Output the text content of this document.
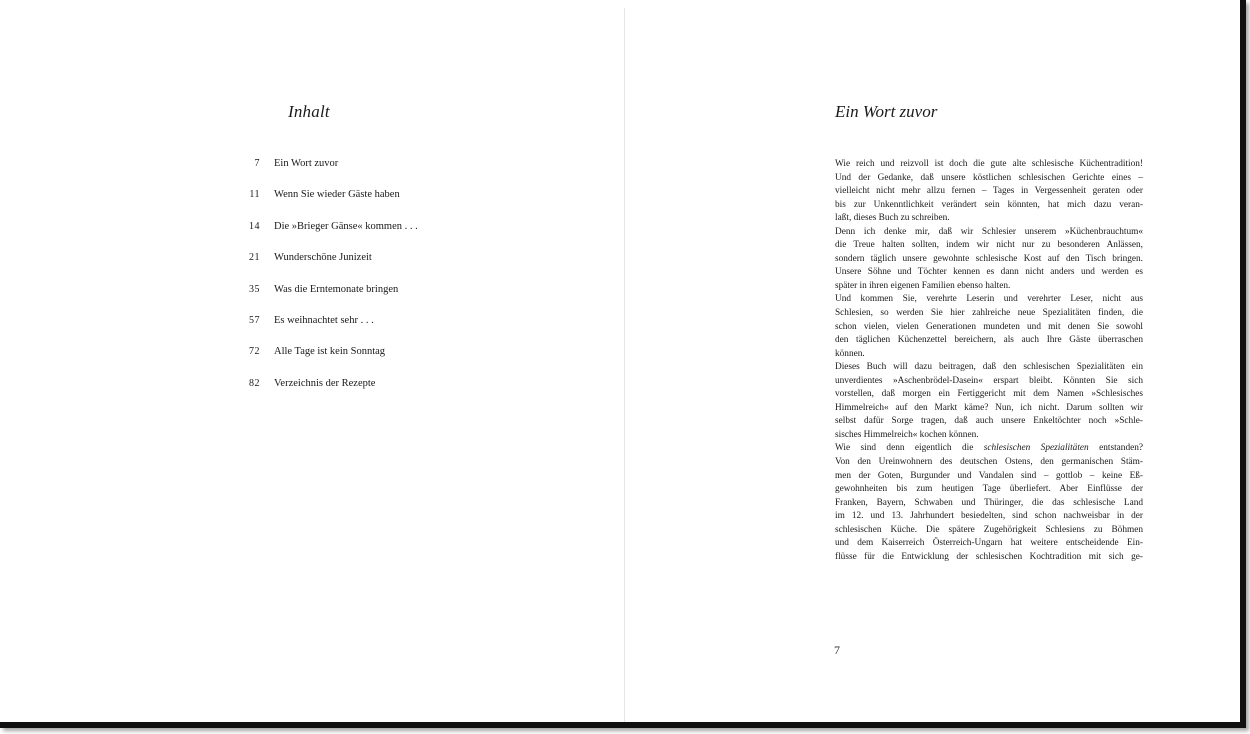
Inhalt
7	Ein Wort zuvor
11	Wenn Sie wieder Gäste haben
14	Die »Brieger Gänse« kommen . . .
21	Wunderschöne Junizeit
35	Was die Erntemonate bringen
57	Es weihnachtet sehr . . .
72	Alle Tage ist kein Sonntag
82	Verzeichnis der Rezepte
Ein Wort zuvor

Wie reich und reizvoll ist doch die gute alte schlesische Küchentradition!

Und der Gedanke, daß unsere köstlichen schlesischen Gerichte eines –

vielleicht nicht mehr allzu fernen – Tages in Vergessenheit geraten oder

bis zur Unkenntlichkeit verändert sein könnten, hat mich dazu veran-

laßt, dieses Buch zu schreiben.

Denn ich denke mir, daß wir Schlesier unserem »Küchenbrauchtum«

die Treue halten sollten, indem wir nicht nur zu besonderen Anlässen,

sondern täglich unsere gewohnte schlesische Kost auf den Tisch bringen.

Unsere Söhne und Töchter kennen es dann nicht anders und werden es

später in ihren eigenen Familien ebenso halten.

Und kommen Sie, verehrte Leserin und verehrter Leser, nicht aus

Schlesien, so werden Sie hier zahlreiche neue Spezialitäten finden, die

schon vielen, vielen Generationen mundeten und mit denen Sie sowohl

den täglichen Küchenzettel bereichern, als auch Ihre Gäste überraschen

können.

Dieses Buch will dazu beitragen, daß den schlesischen Spezialitäten ein

unverdientes »Aschenbrödel-Dasein« erspart bleibt. Könnten Sie sich

vorstellen, daß morgen ein Fertiggericht mit dem Namen »Schlesisches

Himmelreich« auf den Markt käme? Nun, ich nicht. Darum sollten wir

selbst dafür Sorge tragen, daß auch unsere Enkeltöchter noch »Schle-

sisches Himmelreich« kochen können.

Wie sind denn eigentlich die schlesischen Spezialitäten entstanden?

Von den Ureinwohnern des deutschen Ostens, den germanischen Stäm-

men der Goten, Burgunder und Vandalen sind – gottlob – keine Eß-

gewohnheiten bis zum heutigen Tage überliefert. Aber Einflüsse der

Franken, Bayern, Schwaben und Thüringer, die das schlesische Land

im 12. und 13. Jahrhundert besiedelten, sind schon nachweisbar in der

schlesischen Küche. Die spätere Zugehörigkeit Schlesiens zu Böhmen

und dem Kaiserreich Österreich-Ungarn hat weitere entscheidende Ein-

flüsse für die Entwicklung der schlesischen Kochtradition mit sich ge-

7
